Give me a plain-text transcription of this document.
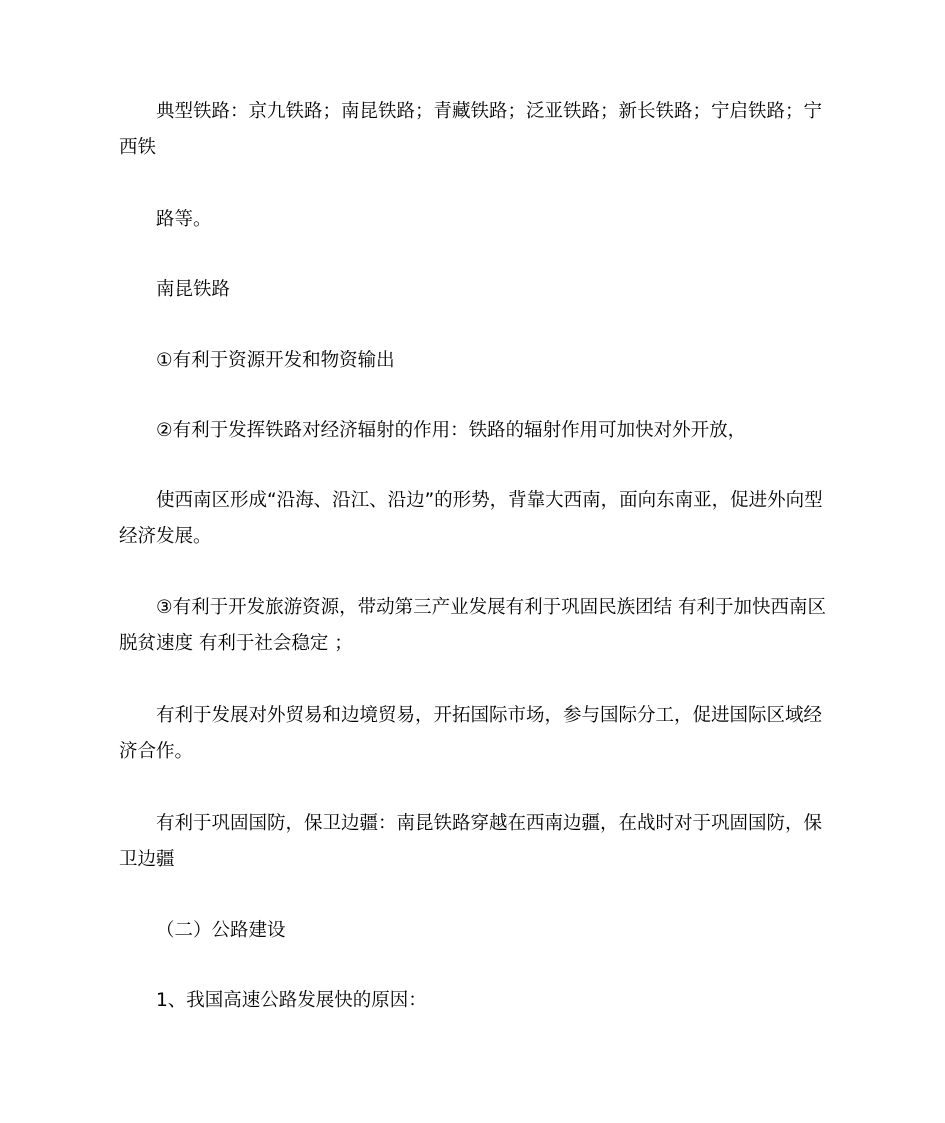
典型铁路：京九铁路；南昆铁路；青藏铁路；泛亚铁路；新长铁路；宁启铁路；宁西铁

路等。

南昆铁路

①有利于资源开发和物资输出

②有利于发挥铁路对经济辐射的作用：铁路的辐射作用可加快对外开放，

使西南区形成“沿海、沿江、沿边”的形势，背靠大西南，面向东南亚，促进外向型经济发展。

③有利于开发旅游资源，带动第三产业发展有利于巩固民族团结 有利于加快西南区脱贫速度 有利于社会稳定 ；

有利于发展对外贸易和边境贸易，开拓国际市场，参与国际分工，促进国际区域经济合作。

有利于巩固国防，保卫边疆：南昆铁路穿越在西南边疆，在战时对于巩固国防，保卫边疆

（二）公路建设

1、我国高速公路发展快的原因：
